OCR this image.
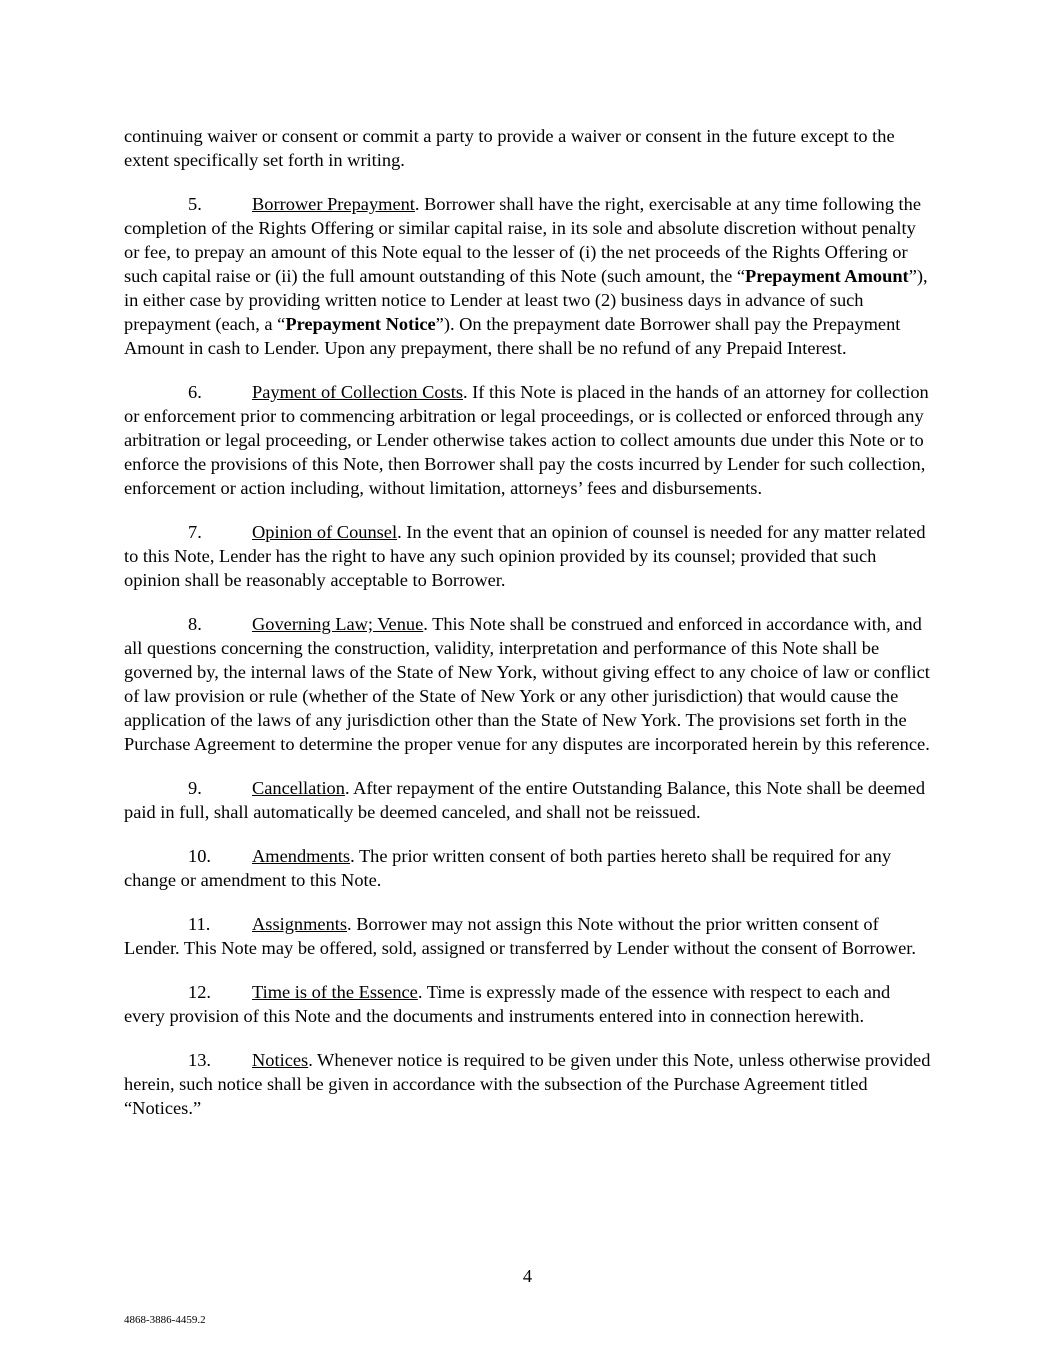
continuing waiver or consent or commit a party to provide a waiver or consent in the future except to the extent specifically set forth in writing.

5.	Borrower Prepayment. Borrower shall have the right, exercisable at any time following the completion of the Rights Offering or similar capital raise, in its sole and absolute discretion without penalty or fee, to prepay an amount of this Note equal to the lesser of (i) the net proceeds of the Rights Offering or such capital raise or (ii) the full amount outstanding of this Note (such amount, the “Prepayment Amount”), in either case by providing written notice to Lender at least two (2) business days in advance of such prepayment (each, a “Prepayment Notice”). On the prepayment date Borrower shall pay the Prepayment Amount in cash to Lender. Upon any prepayment, there shall be no refund of any Prepaid Interest.

6.	Payment of Collection Costs. If this Note is placed in the hands of an attorney for collection or enforcement prior to commencing arbitration or legal proceedings, or is collected or enforced through any arbitration or legal proceeding, or Lender otherwise takes action to collect amounts due under this Note or to enforce the provisions of this Note, then Borrower shall pay the costs incurred by Lender for such collection, enforcement or action including, without limitation, attorneys’ fees and disbursements.

7.	Opinion of Counsel. In the event that an opinion of counsel is needed for any matter related to this Note, Lender has the right to have any such opinion provided by its counsel; provided that such opinion shall be reasonably acceptable to Borrower.

8.	Governing Law; Venue. This Note shall be construed and enforced in accordance with, and all questions concerning the construction, validity, interpretation and performance of this Note shall be governed by, the internal laws of the State of New York, without giving effect to any choice of law or conflict of law provision or rule (whether of the State of New York or any other jurisdiction) that would cause the application of the laws of any jurisdiction other than the State of New York. The provisions set forth in the Purchase Agreement to determine the proper venue for any disputes are incorporated herein by this reference.

9.	Cancellation. After repayment of the entire Outstanding Balance, this Note shall be deemed paid in full, shall automatically be deemed canceled, and shall not be reissued.

10. Amendments. The prior written consent of both parties hereto shall be required for any change or amendment to this Note.

11. Assignments. Borrower may not assign this Note without the prior written consent of Lender. This Note may be offered, sold, assigned or transferred by Lender without the consent of Borrower.

12. Time is of the Essence. Time is expressly made of the essence with respect to each and every provision of this Note and the documents and instruments entered into in connection herewith.

13. Notices. Whenever notice is required to be given under this Note, unless otherwise provided herein, such notice shall be given in accordance with the subsection of the Purchase Agreement titled “Notices.”

4
4868-3886-4459.2
